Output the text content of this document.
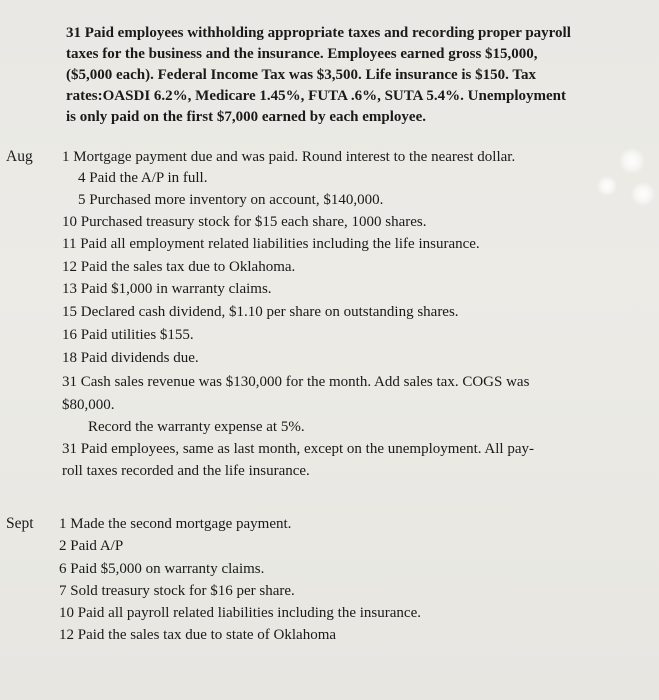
31 Paid employees withholding appropriate taxes and recording proper payroll
taxes for the business and the insurance. Employees earned gross $15,000,
($5,000 each). Federal Income Tax was $3,500. Life insurance is $150. Tax
rates:OASDI 6.2%, Medicare 1.45%, FUTA .6%, SUTA 5.4%. Unemployment
is only paid on the first $7,000 earned by each employee.
Aug 1 Mortgage payment due and was paid. Round interest to the nearest dollar.
4 Paid the A/P in full.
5 Purchased more inventory on account, $140,000.
10 Purchased treasury stock for $15 each share, 1000 shares.
11 Paid all employment related liabilities including the life insurance.
12 Paid the sales tax due to Oklahoma.
13 Paid $1,000 in warranty claims.
15 Declared cash dividend, $1.10 per share on outstanding shares.
16 Paid utilities $155.
18 Paid dividends due.
31 Cash sales revenue was $130,000 for the month. Add sales tax. COGS was
$80,000.
Record the warranty expense at 5%.
31 Paid employees, same as last month, except on the unemployment. All pay-
roll taxes recorded and the life insurance.
Sept 1 Made the second mortgage payment.
2 Paid A/P
6 Paid $5,000 on warranty claims.
7 Sold treasury stock for $16 per share.
10 Paid all payroll related liabilities including the insurance.
12 Paid the sales tax due to state of Oklahoma
